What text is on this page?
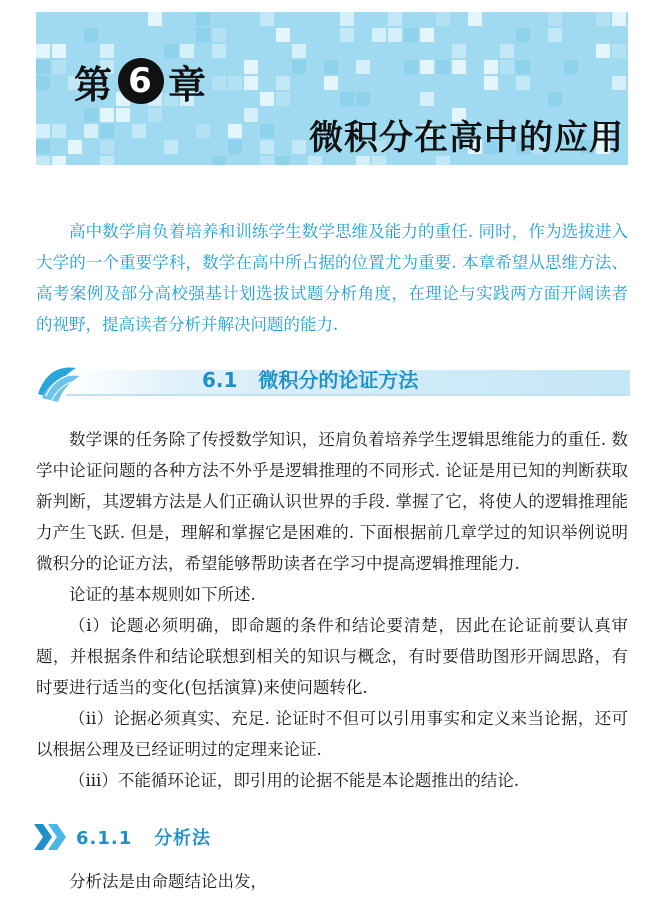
第 6 章
微积分在高中的应用
高中数学肩负着培养和训练学生数学思维及能力的重任. 同时，作为选拔进入大学的一个重要学科，数学在高中所占据的位置尤为重要. 本章希望从思维方法、高考案例及部分高校强基计划选拔试题分析角度，在理论与实践两方面开阔读者的视野，提高读者分析并解决问题的能力.
6.1 微积分的论证方法

数学课的任务除了传授数学知识，还肩负着培养学生逻辑思维能力的重任. 数学中论证问题的各种方法不外乎是逻辑推理的不同形式. 论证是用已知的判断获取新判断，其逻辑方法是人们正确认识世界的手段. 掌握了它，将使人的逻辑推理能力产生飞跃. 但是，理解和掌握它是困难的. 下面根据前几章学过的知识举例说明微积分的论证方法，希望能够帮助读者在学习中提高逻辑推理能力.

论证的基本规则如下所述.

（i）论题必须明确，即命题的条件和结论要清楚，因此在论证前要认真审题，并根据条件和结论联想到相关的知识与概念，有时要借助图形开阔思路，有时要进行适当的变化(包括演算)来使问题转化.

（ii）论据必须真实、充足. 论证时不但可以引用事实和定义来当论据，还可以根据公理及已经证明过的定理来论证.

（iii）不能循环论证，即引用的论据不能是本论题推出的结论.

6.1.1 分析法
分析法是由命题结论出发，
